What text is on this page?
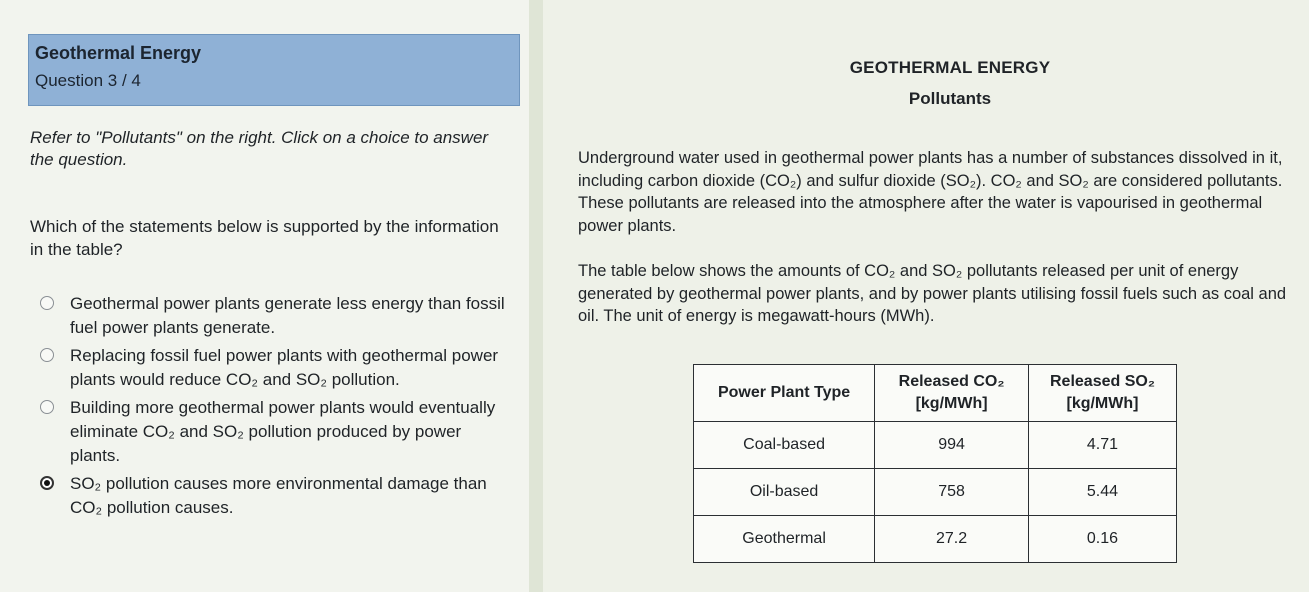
Geothermal Energy
Question 3 / 4
Refer to "Pollutants" on the right. Click on a choice to answer the question.
Which of the statements below is supported by the information in the table?
Geothermal power plants generate less energy than fossil fuel power plants generate.
Replacing fossil fuel power plants with geothermal power plants would reduce CO₂ and SO₂ pollution.
Building more geothermal power plants would eventually eliminate CO₂ and SO₂ pollution produced by power plants.
SO₂ pollution causes more environmental damage than CO₂ pollution causes.
GEOTHERMAL ENERGY
Pollutants
Underground water used in geothermal power plants has a number of substances dissolved in it, including carbon dioxide (CO₂) and sulfur dioxide (SO₂). CO₂ and SO₂ are considered pollutants. These pollutants are released into the atmosphere after the water is vapourised in geothermal power plants.
The table below shows the amounts of CO₂ and SO₂ pollutants released per unit of energy generated by geothermal power plants, and by power plants utilising fossil fuels such as coal and oil. The unit of energy is megawatt-hours (MWh).
Power Plant Type	Released CO₂ [kg/MWh]	Released SO₂ [kg/MWh]
Coal-based	994	4.71
Oil-based	758	5.44
Geothermal	27.2	0.16
